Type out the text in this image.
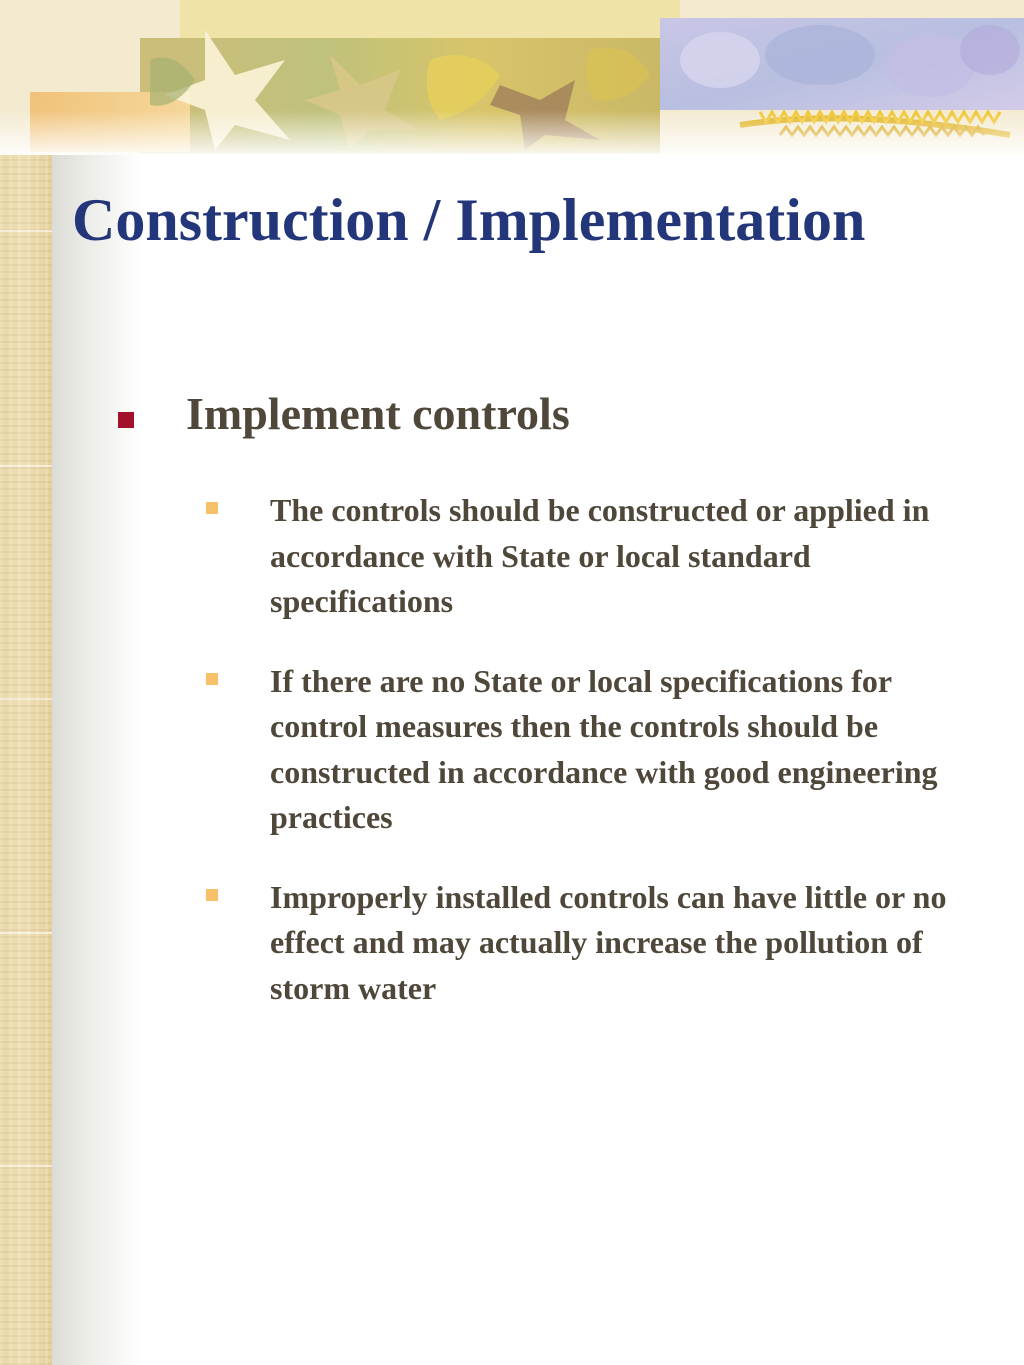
Construction / Implementation
Implement controls
The controls should be constructed or applied in accordance with State or local standard specifications
If there are no State or local specifications for control measures then the controls should be constructed in accordance with good engineering practices
Improperly installed controls can have little or no effect and may actually increase the pollution of storm water
